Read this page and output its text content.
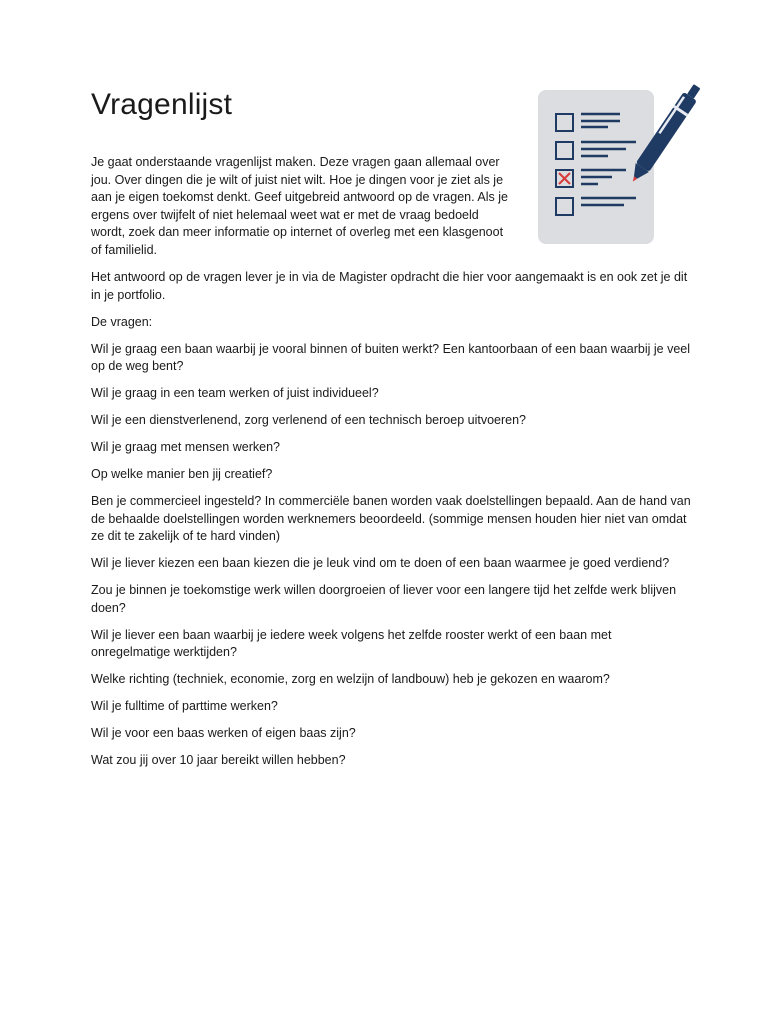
Vragenlijst

Je gaat onderstaande vragenlijst maken. Deze vragen gaan allemaal over jou. Over dingen die je wilt of juist niet wilt. Hoe je dingen voor je ziet als je aan je eigen toekomst denkt. Geef uitgebreid antwoord op de vragen. Als je ergens over twijfelt of niet helemaal weet wat er met de vraag bedoeld wordt, zoek dan meer informatie op internet of overleg met een klasgenoot of familielid.

Het antwoord op de vragen lever je in via de Magister opdracht die hier voor aangemaakt is en ook zet je dit in je portfolio.

De vragen:

Wil je graag een baan waarbij je vooral binnen of buiten werkt? Een kantoorbaan of een baan waarbij je veel op de weg bent?

Wil je graag in een team werken of juist individueel?

Wil je een dienstverlenend, zorg verlenend of een technisch beroep uitvoeren?

Wil je graag met mensen werken?

Op welke manier ben jij creatief?

Ben je commercieel ingesteld? In commerciële banen worden vaak doelstellingen bepaald. Aan de hand van de behaalde doelstellingen worden werknemers beoordeeld. (sommige mensen houden hier niet van omdat ze dit te zakelijk of te hard vinden)

Wil je liever kiezen een baan kiezen die je leuk vind om te doen of een baan waarmee je goed verdiend?

Zou je binnen je toekomstige werk willen doorgroeien of liever voor een langere tijd het zelfde werk blijven doen?

Wil je liever een baan waarbij je iedere week volgens het zelfde rooster werkt of een baan met onregelmatige werktijden?

Welke richting (techniek, economie, zorg en welzijn of landbouw) heb je gekozen en waarom?

Wil je fulltime of parttime werken?

Wil je voor een baas werken of eigen baas zijn?

Wat zou jij over 10 jaar bereikt willen hebben?
